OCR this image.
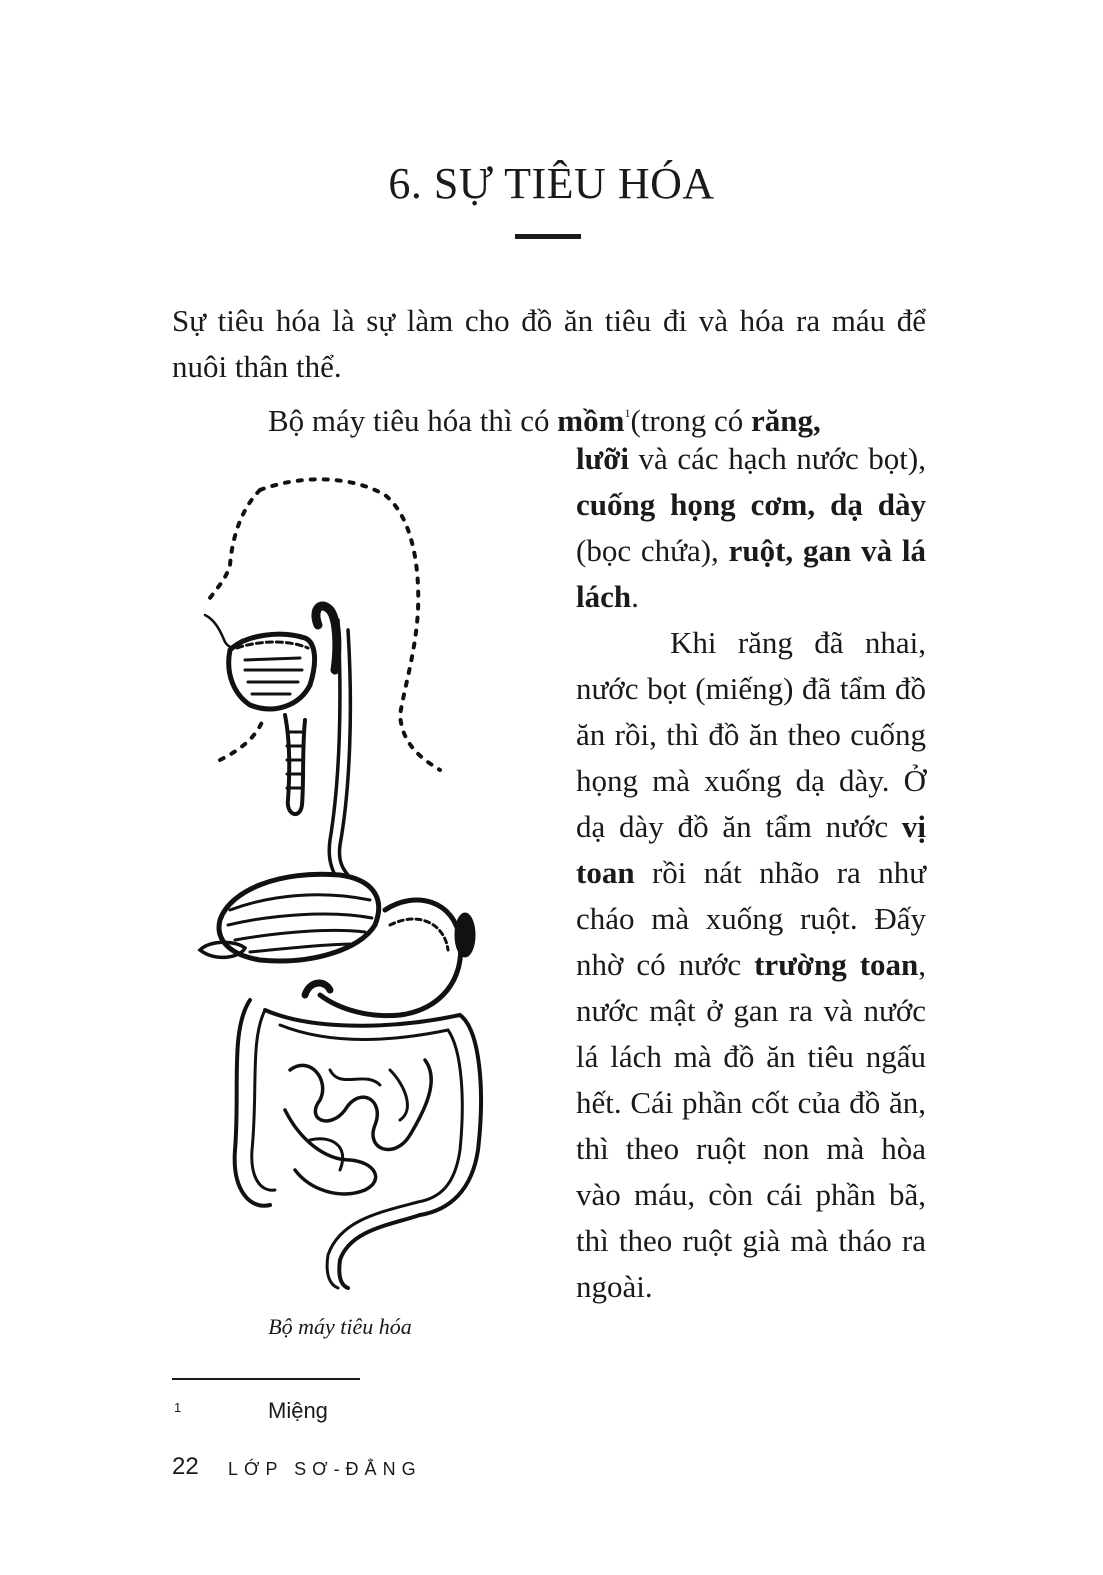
6. SỰ TIÊU HÓA

Sự tiêu hóa là sự làm cho đồ ăn tiêu đi và hóa ra máu để nuôi thân thể.

Bộ máy tiêu hóa thì có mồm$^1$(trong có răng,

lưỡi và các hạch nước bọt), cuống họng cơm, dạ dày (bọc chứa), ruột, gan và lá lách.

Khi răng đã nhai, nước bọt (miếng) đã tẩm đồ ăn rồi, thì đồ ăn theo cuống họng mà xuống dạ dày. Ở dạ dày đồ ăn tẩm nước vị toan rồi nát nhão ra như cháo mà xuống ruột. Đấy nhờ có nước trường toan, nước mật ở gan ra và nước lá lách mà đồ ăn tiêu ngấu hết. Cái phần cốt của đồ ăn, thì theo ruột non mà hòa vào máu, còn cái phần bã, thì theo ruột già mà tháo ra ngoài.

Bộ máy tiêu hóa
1	Miệng
22 LỚP SƠ-ĐẲNG
